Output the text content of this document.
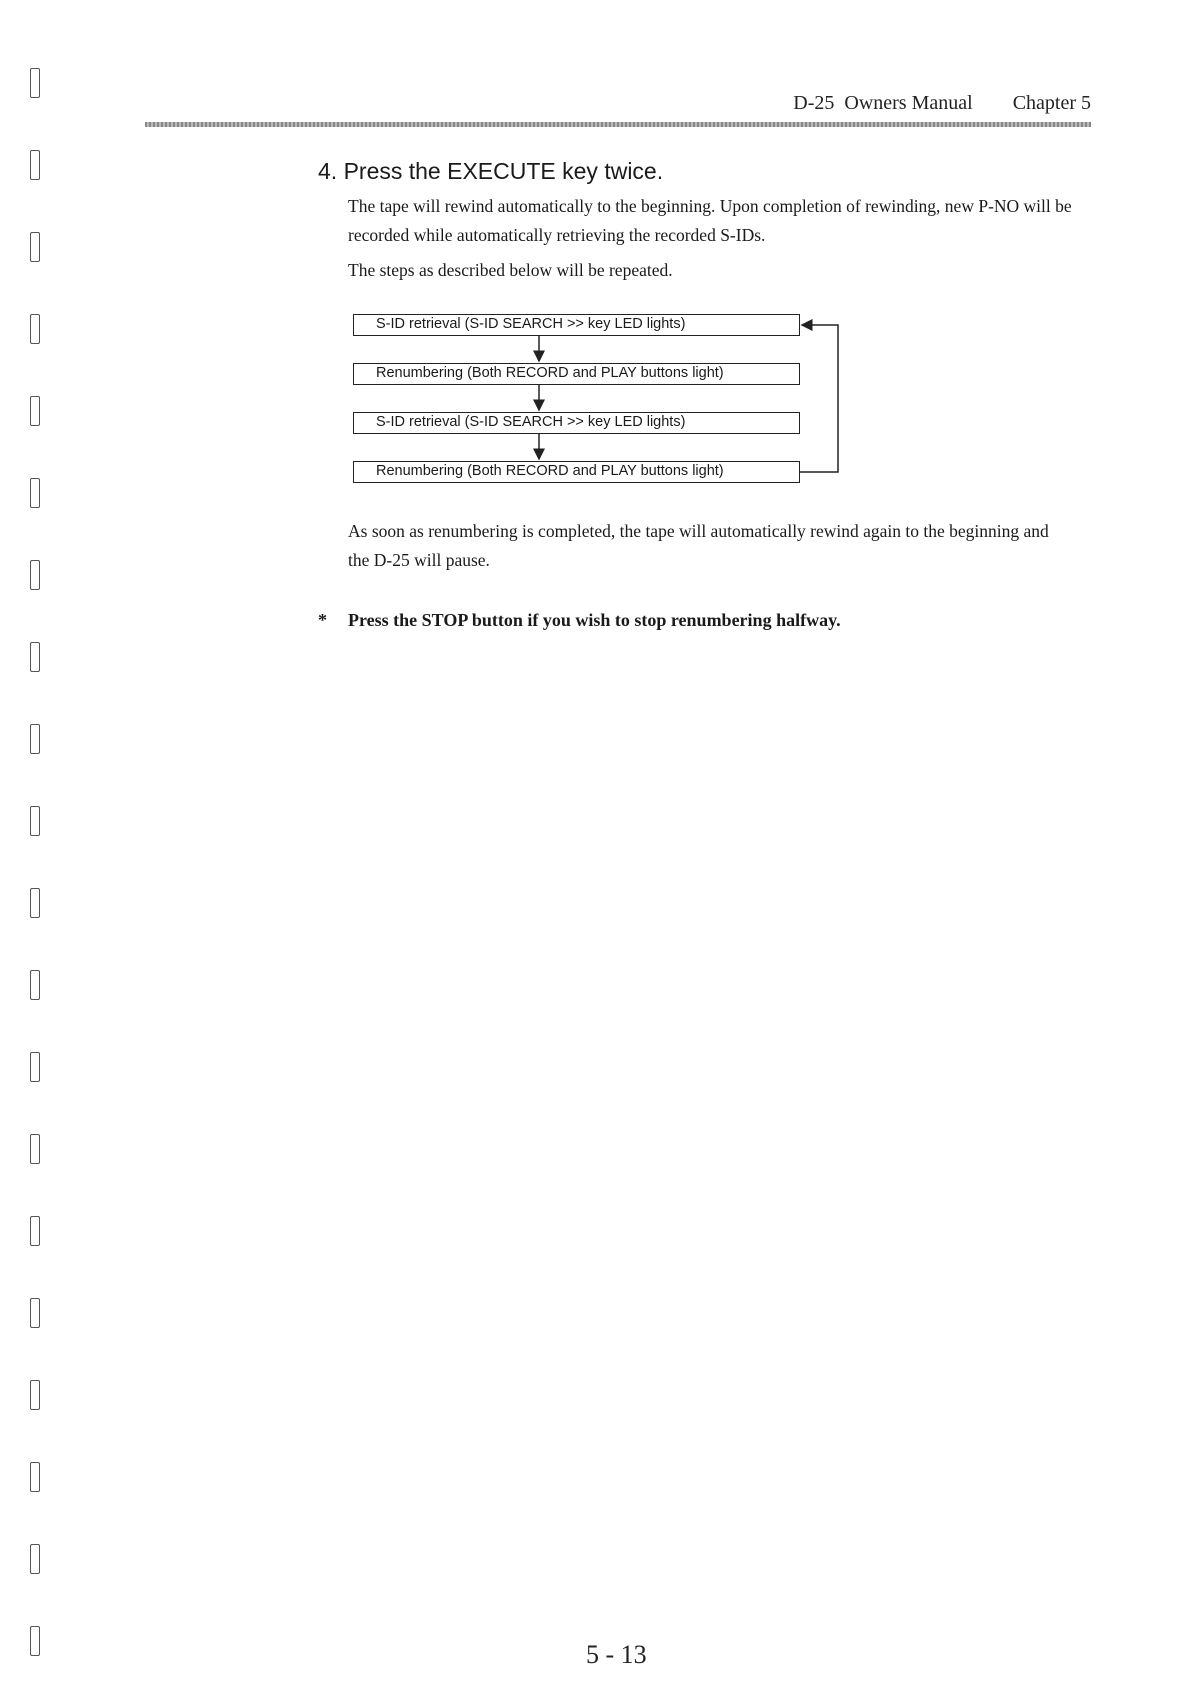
D-25  Owners Manual Chapter 5
4. Press the EXECUTE key twice.
The tape will rewind automatically to the beginning. Upon completion of rewinding, new P-NO will be recorded while automatically retrieving the recorded S-IDs.
The steps as described below will be repeated.
S-ID retrieval (S-ID SEARCH >> key LED lights)
Renumbering (Both RECORD and PLAY buttons light)
S-ID retrieval (S-ID SEARCH >> key LED lights)
Renumbering (Both RECORD and PLAY buttons light)
As soon as renumbering is completed, the tape will automatically rewind again to the beginning and the D-25 will pause.
* Press the STOP button if you wish to stop renumbering halfway.
5 - 13
